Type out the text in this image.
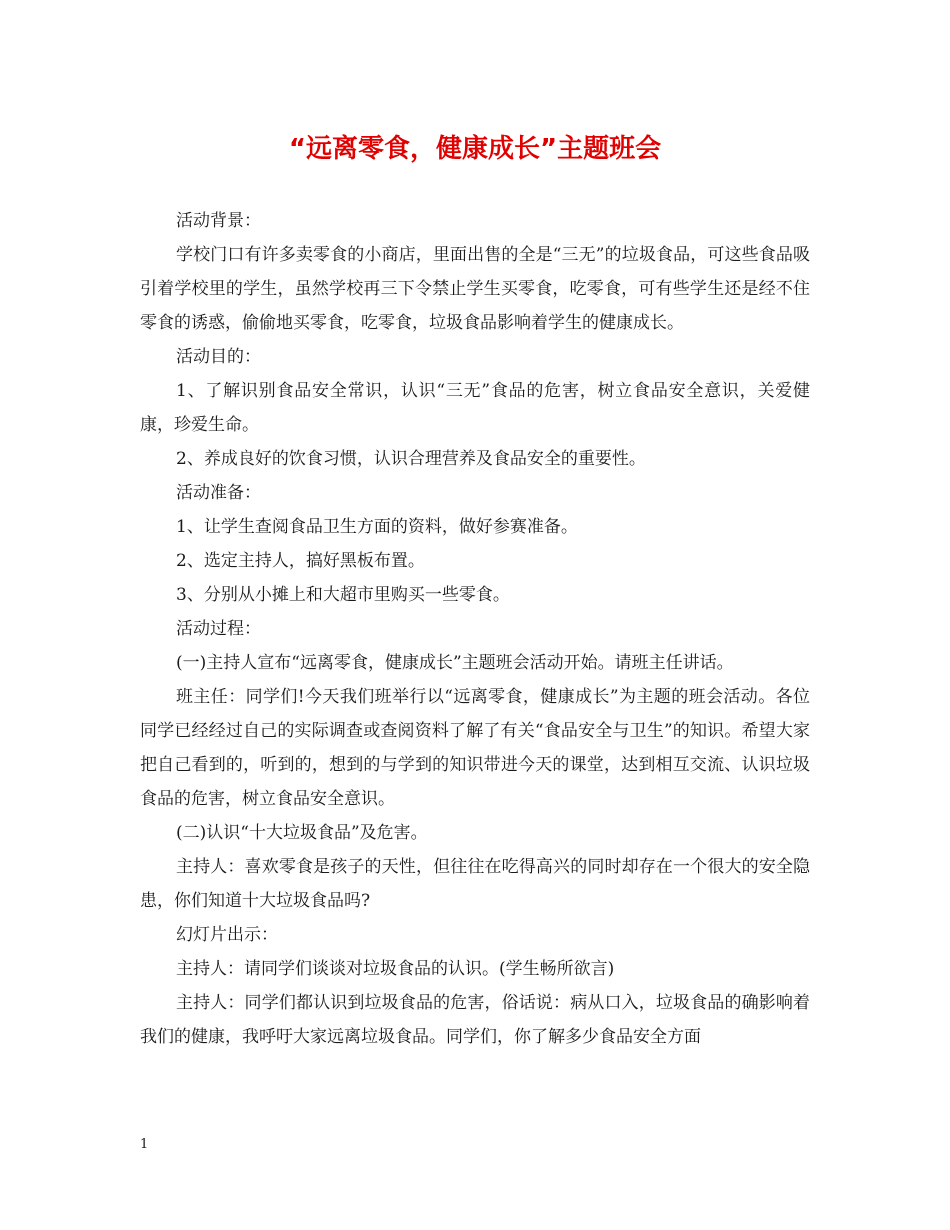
“远离零食，健康成长”主题班会

活动背景：

学校门口有许多卖零食的小商店，里面出售的全是“三无”的垃圾食品，可这些食品吸引着学校里的学生，虽然学校再三下令禁止学生买零食，吃零食，可有些学生还是经不住零食的诱惑，偷偷地买零食，吃零食，垃圾食品影响着学生的健康成长。

活动目的：

1、了解识别食品安全常识，认识“三无”食品的危害，树立食品安全意识，关爱健康，珍爱生命。

2、养成良好的饮食习惯，认识合理营养及食品安全的重要性。

活动准备：

1、让学生查阅食品卫生方面的资料，做好参赛准备。

2、选定主持人，搞好黑板布置。

3、分别从小摊上和大超市里购买一些零食。

活动过程：

(一)主持人宣布“远离零食，健康成长”主题班会活动开始。请班主任讲话。

班主任：同学们!今天我们班举行以“远离零食，健康成长”为主题的班会活动。各位同学已经经过自己的实际调查或查阅资料了解了有关“食品安全与卫生”的知识。希望大家把自己看到的，听到的，想到的与学到的知识带进今天的课堂，达到相互交流、认识垃圾食品的危害，树立食品安全意识。

(二)认识“十大垃圾食品”及危害。

主持人：喜欢零食是孩子的天性，但往往在吃得高兴的同时却存在一个很大的安全隐患，你们知道十大垃圾食品吗?

幻灯片出示：

主持人：请同学们谈谈对垃圾食品的认识。(学生畅所欲言)

主持人：同学们都认识到垃圾食品的危害，俗话说：病从口入，垃圾食品的确影响着我们的健康，我呼吁大家远离垃圾食品。同学们，你了解多少食品安全方面

1
